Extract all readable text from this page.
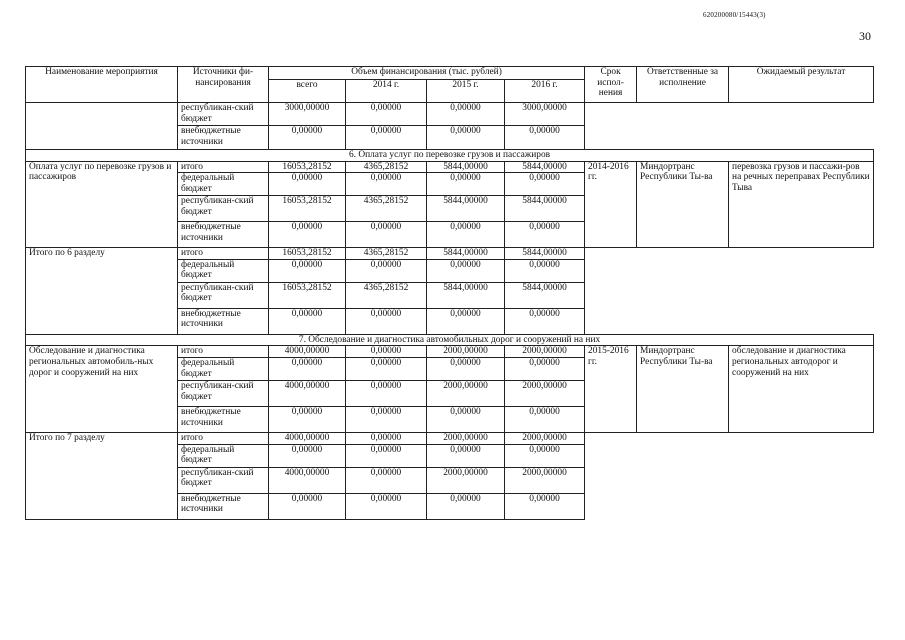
620200080/15443(3)
30
Наименование мероприятия	Источники фи-нансирования	Объем финансирования (тыс. рублей)				Срок испол-нения	Ответственные за исполнение	Ожидаемый результат
		всего	2014 г.	2015 г.	2016 г.			
	республикан-ский бюджет	3000,00000	0,00000	0,00000	3000,00000			
	внебюджетные источники	0,00000	0,00000	0,00000	0,00000			
6. Оплата услуг по перевозке грузов и пассажиров								
Оплата услуг по перевозке грузов и пассажиров	итого	16053,28152	4365,28152	5844,00000	5844,00000	2014-2016 гг.	Миндортранс Республики Ты-ва	перевозка грузов и пассажи-ров на речных переправах Республики Тыва
	федеральный бюджет	0,00000	0,00000	0,00000	0,00000			
	республикан-ский бюджет	16053,28152	4365,28152	5844,00000	5844,00000			
	внебюджетные источники	0,00000	0,00000	0,00000	0,00000			
Итого по 6 разделу	итого	16053,28152	4365,28152	5844,00000	5844,00000			
	федеральный бюджет	0,00000	0,00000	0,00000	0,00000			
	республикан-ский бюджет	16053,28152	4365,28152	5844,00000	5844,00000			
	внебюджетные источники	0,00000	0,00000	0,00000	0,00000			
7. Обследование и диагностика автомобильных дорог и сооружений на них								
Обследование и диагностика региональных автомобиль-ных дорог и сооружений на них	итого	4000,00000	0,00000	2000,00000	2000,00000	2015-2016 гг.	Миндортранс Республики Ты-ва	обследование и диагностика региональных автодорог и сооружений на них
	федеральный бюджет	0,00000	0,00000	0,00000	0,00000			
	республикан-ский бюджет	4000,00000	0,00000	2000,00000	2000,00000			
	внебюджетные источники	0,00000	0,00000	0,00000	0,00000			
Итого по 7 разделу	итого	4000,00000	0,00000	2000,00000	2000,00000			
	федеральный бюджет	0,00000	0,00000	0,00000	0,00000			
	республикан-ский бюджет	4000,00000	0,00000	2000,00000	2000,00000			
	внебюджетные источники	0,00000	0,00000	0,00000	0,00000			
